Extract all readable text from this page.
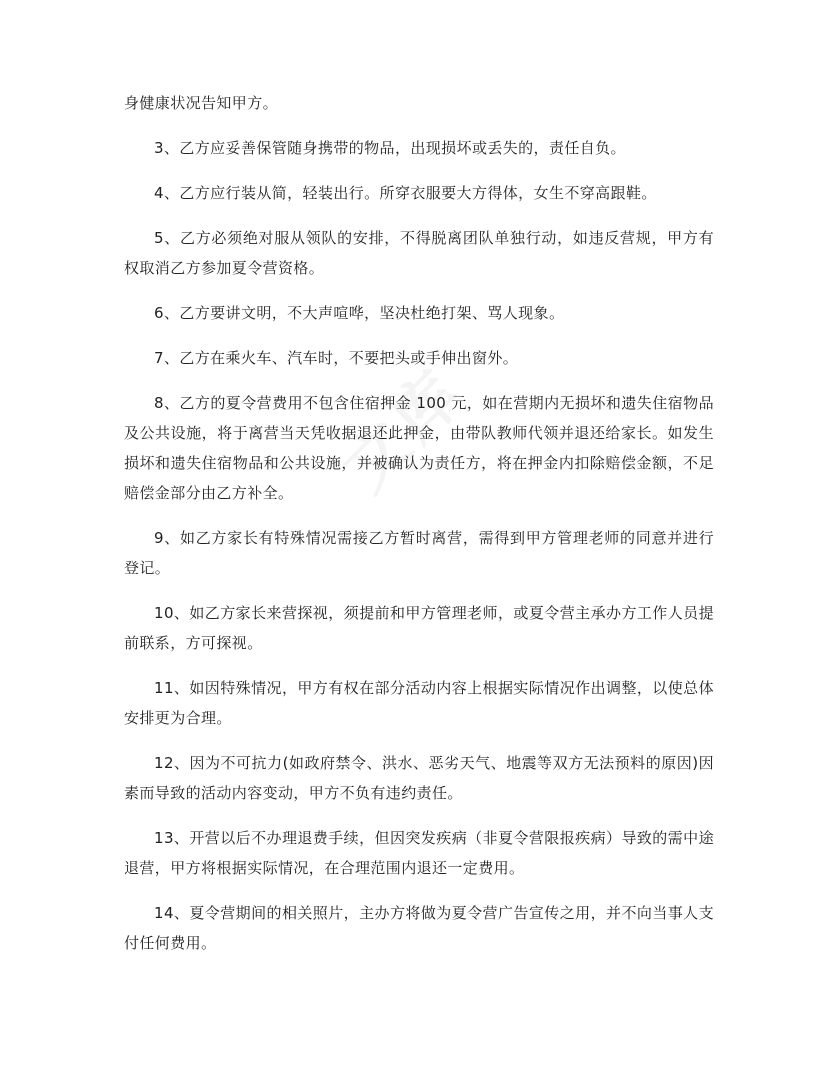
身健康状况告知甲方。

3、乙方应妥善保管随身携带的物品，出现损坏或丢失的，责任自负。

4、乙方应行装从简，轻装出行。所穿衣服要大方得体，女生不穿高跟鞋。

5、乙方必须绝对服从领队的安排，不得脱离团队单独行动，如违反营规，甲方有权取消乙方参加夏令营资格。

6、乙方要讲文明，不大声喧哗，坚决杜绝打架、骂人现象。

7、乙方在乘火车、汽车时，不要把头或手伸出窗外。

8、乙方的夏令营费用不包含住宿押金 100 元，如在营期内无损坏和遗失住宿物品及公共设施，将于离营当天凭收据退还此押金，由带队教师代领并退还给家长。如发生损坏和遗失住宿物品和公共设施，并被确认为责任方，将在押金内扣除赔偿金额，不足赔偿金部分由乙方补全。

9、如乙方家长有特殊情况需接乙方暂时离营，需得到甲方管理老师的同意并进行登记。

10、如乙方家长来营探视，须提前和甲方管理老师，或夏令营主承办方工作人员提前联系，方可探视。

11、如因特殊情况，甲方有权在部分活动内容上根据实际情况作出调整，以使总体安排更为合理。

12、因为不可抗力(如政府禁令、洪水、恶劣天气、地震等双方无法预料的原因)因素而导致的活动内容变动，甲方不负有违约责任。

13、开营以后不办理退费手续，但因突发疾病（非夏令营限报疾病）导致的需中途退营，甲方将根据实际情况，在合理范围内退还一定费用。

14、夏令营期间的相关照片，主办方将做为夏令营广告宣传之用，并不向当事人支付任何费用。
